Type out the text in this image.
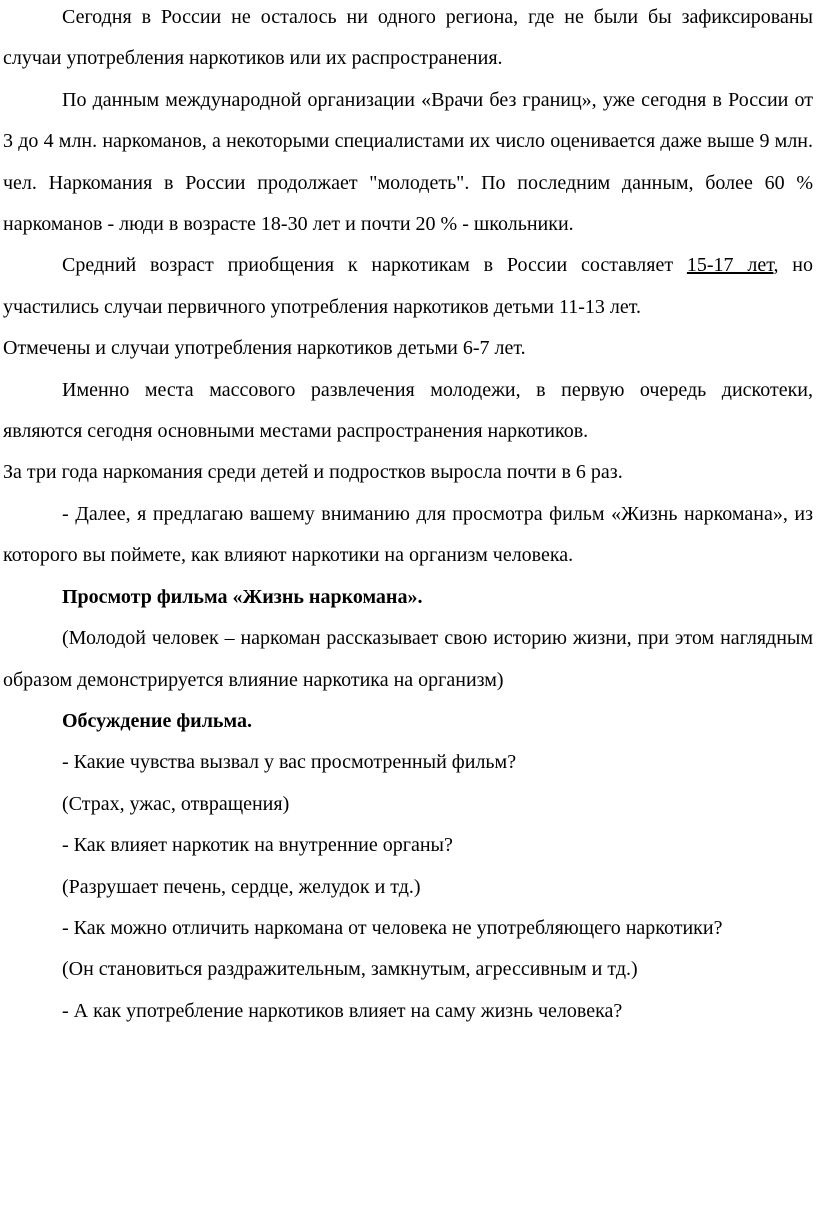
Сегодня в России не осталось ни одного региона, где не были бы зафиксированы случаи употребления наркотиков или их распространения.

По данным международной организации «Врачи без границ», уже сегодня в России от 3 до 4 млн. наркоманов, а некоторыми специалистами их число оценивается даже выше 9 млн. чел. Наркомания в России продолжает "молодеть". По последним данным, более 60 % наркоманов - люди в возрасте 18-30 лет и почти 20 % - школьники.

Средний возраст приобщения к наркотикам в России составляет 15-17 лет, но участились случаи первичного употребления наркотиков детьми 11-13 лет.

Отмечены и случаи употребления наркотиков детьми 6-7 лет.

Именно места массового развлечения молодежи, в первую очередь дискотеки, являются сегодня основными местами распространения наркотиков.

За три года наркомания среди детей и подростков выросла почти в 6 раз.

- Далее, я предлагаю вашему вниманию для просмотра фильм «Жизнь наркомана», из которого вы поймете, как влияют наркотики на организм человека.

Просмотр фильма «Жизнь наркомана».

(Молодой человек – наркоман рассказывает свою историю жизни, при этом наглядным образом демонстрируется влияние наркотика на организм)

Обсуждение фильма.

- Какие чувства вызвал у вас просмотренный фильм?

(Страх, ужас, отвращения)

- Как влияет наркотик на внутренние органы?

(Разрушает печень, сердце, желудок и тд.)

- Как можно отличить наркомана от человека не употребляющего наркотики?

(Он становиться раздражительным, замкнутым, агрессивным и тд.)

- А как употребление наркотиков влияет на саму жизнь человека?
